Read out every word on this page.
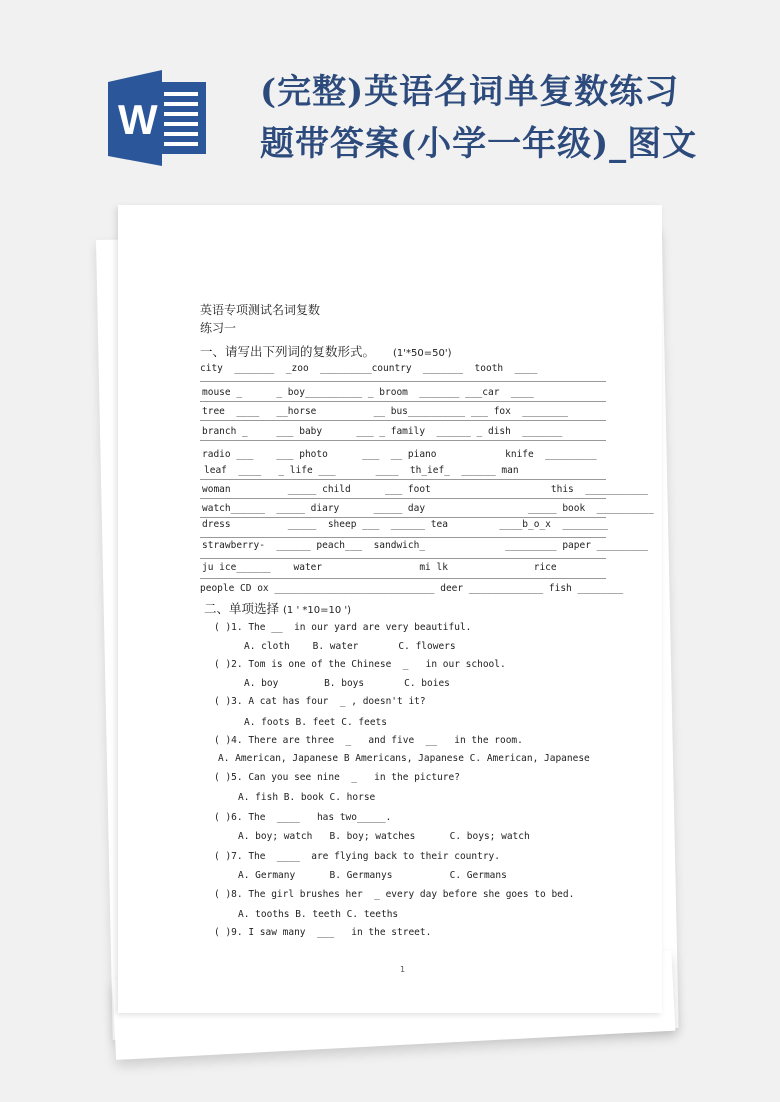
W
(完整)英语名词单复数练习
题带答案(小学一年级)_图文
英语专项测试名词复数
练习一
一、请写出下列词的复数形式。 (1'*50=50')
city  _______  _zoo  _________country  _______  tooth  ____
mouse _      _ boy__________ _ broom  _______ ___car  ____
tree  ____   __horse          __ bus__________ ___ fox  ________
branch _     ___ baby      ___ _ family  ______ _ dish  _______
radio ___    ___ photo      ___  __ piano            knife  _________
leaf  ____   _ life ___       ____  th_ief_  ______ man
woman          _____ child      ___ foot                     this  ___________
watch______  _____ diary      _____ day                  _____ book  __________
dress          _____  sheep ___  ______ tea         ____b_o_x  ________
strawberry-  ______ peach___  sandwich_              _________ paper _________
ju ice______    water                 mi lk               rice
people CD ox ____________________________ deer _____________ fish ________
二、单项选择 (1 ' *10=10 ')
( )1. The __  in our yard are very beautiful.
A. cloth    B. water       C. flowers
( )2. Tom is one of the Chinese  _   in our school.
A. boy        B. boys       C. boies
( )3. A cat has four  _ , doesn't it?
A. foots B. feet C. feets
( )4. There are three  _   and five  __   in the room.
A. American, Japanese B Americans, Japanese C. American, Japanese
( )5. Can you see nine  _   in the picture?
A. fish B. book C. horse
( )6. The  ____   has two_____.
A. boy; watch   B. boy; watches      C. boys; watch
( )7. The  ____  are flying back to their country.
A. Germany      B. Germanys          C. Germans
( )8. The girl brushes her  _ every day before she goes to bed.
A. tooths B. teeth C. teeths
( )9. I saw many  ___   in the street.
1
